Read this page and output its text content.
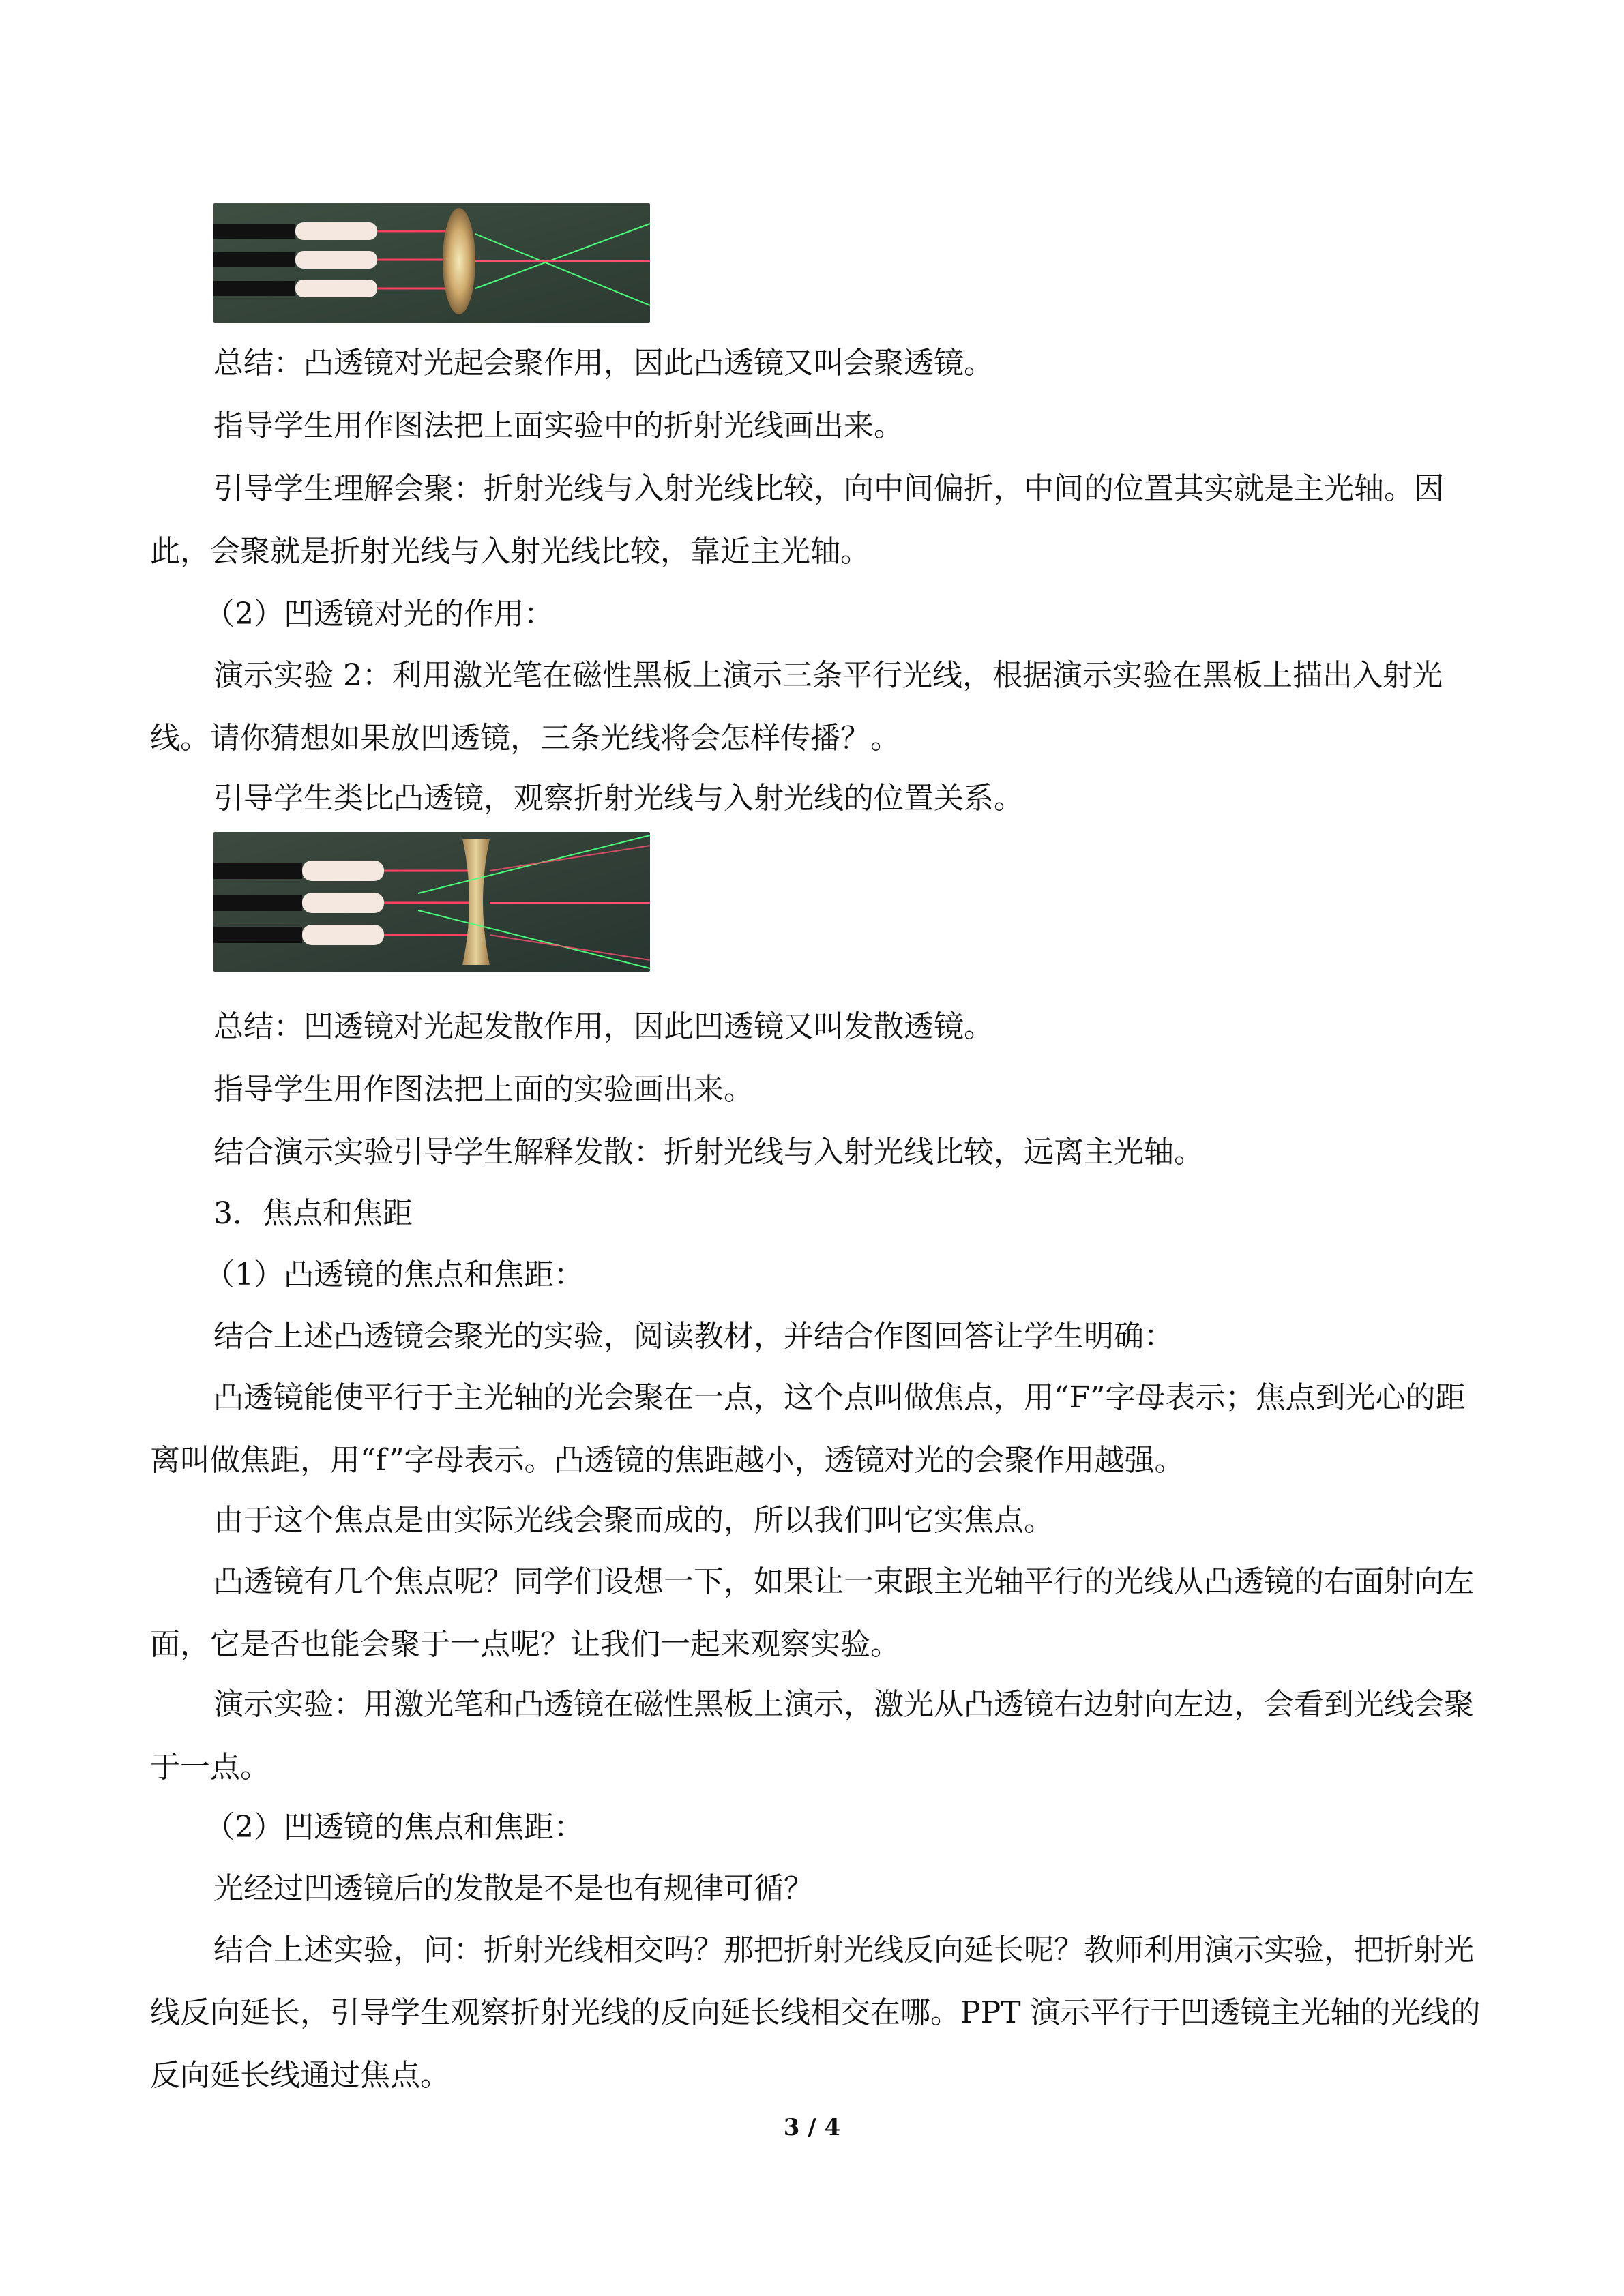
总结：凸透镜对光起会聚作用，因此凸透镜又叫会聚透镜。

指导学生用作图法把上面实验中的折射光线画出来。

引导学生理解会聚：折射光线与入射光线比较，向中间偏折，中间的位置其实就是主光轴。因此，会聚就是折射光线与入射光线比较，靠近主光轴。

（2）凹透镜对光的作用：

演示实验 2：利用激光笔在磁性黑板上演示三条平行光线，根据演示实验在黑板上描出入射光线。请你猜想如果放凹透镜，三条光线将会怎样传播？。

引导学生类比凸透镜，观察折射光线与入射光线的位置关系。

总结：凹透镜对光起发散作用，因此凹透镜又叫发散透镜。

指导学生用作图法把上面的实验画出来。

结合演示实验引导学生解释发散：折射光线与入射光线比较，远离主光轴。

3．焦点和焦距

（1）凸透镜的焦点和焦距：

结合上述凸透镜会聚光的实验，阅读教材，并结合作图回答让学生明确：

凸透镜能使平行于主光轴的光会聚在一点，这个点叫做焦点，用“F”字母表示；焦点到光心的距离叫做焦距，用“f”字母表示。凸透镜的焦距越小，透镜对光的会聚作用越强。

由于这个焦点是由实际光线会聚而成的，所以我们叫它实焦点。

凸透镜有几个焦点呢？同学们设想一下，如果让一束跟主光轴平行的光线从凸透镜的右面射向左面，它是否也能会聚于一点呢？让我们一起来观察实验。

演示实验：用激光笔和凸透镜在磁性黑板上演示，激光从凸透镜右边射向左边，会看到光线会聚于一点。

（2）凹透镜的焦点和焦距：

光经过凹透镜后的发散是不是也有规律可循？

结合上述实验，问：折射光线相交吗？那把折射光线反向延长呢？教师利用演示实验，把折射光线反向延长，引导学生观察折射光线的反向延长线相交在哪。PPT 演示平行于凹透镜主光轴的光线的反向延长线通过焦点。

3 / 4
